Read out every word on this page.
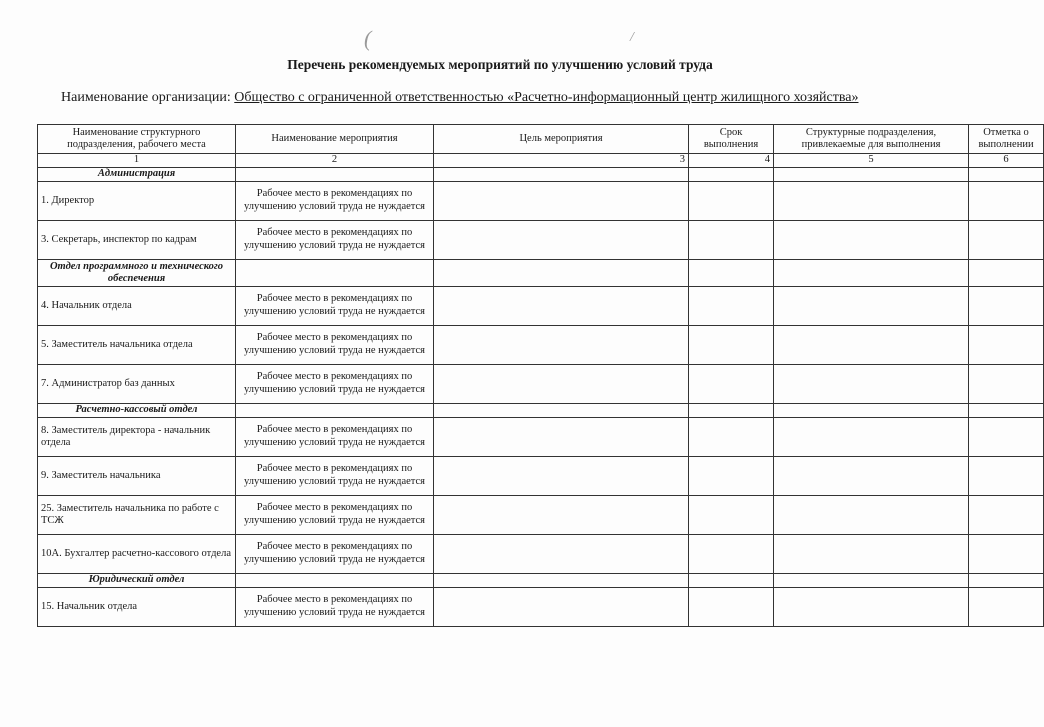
(	/
Перечень рекомендуемых мероприятий по улучшению условий труда
Наименование организации: Общество с ограниченной ответственностью «Расчетно-информационный центр жилищного хозяйства»
Наименование структурного подразделения, рабочего места	Наименование мероприятия	Цель мероприятия	Срок выполнения	Структурные подразделения, привлекаемые для выполнения	Отметка о выполнении
1	2	3	4	5	6
Администрация					
1. Директор	Рабочее место в рекомендациях по улучшению условий труда не нуждается				
3. Секретарь, инспектор по кадрам	Рабочее место в рекомендациях по улучшению условий труда не нуждается				
Отдел программного и технического обеспечения					
4. Начальник отдела	Рабочее место в рекомендациях по улучшению условий труда не нуждается				
5. Заместитель начальника отдела	Рабочее место в рекомендациях по улучшению условий труда не нуждается				
7. Администратор баз данных	Рабочее место в рекомендациях по улучшению условий труда не нуждается				
Расчетно-кассовый отдел					
8. Заместитель директора - начальник отдела	Рабочее место в рекомендациях по улучшению условий труда не нуждается				
9. Заместитель начальника	Рабочее место в рекомендациях по улучшению условий труда не нуждается				
25. Заместитель начальника по работе с ТСЖ	Рабочее место в рекомендациях по улучшению условий труда не нуждается				
10А. Бухгалтер расчетно-кассового отдела	Рабочее место в рекомендациях по улучшению условий труда не нуждается				
Юридический отдел					
15. Начальник отдела	Рабочее место в рекомендациях по улучшению условий труда не нуждается				
